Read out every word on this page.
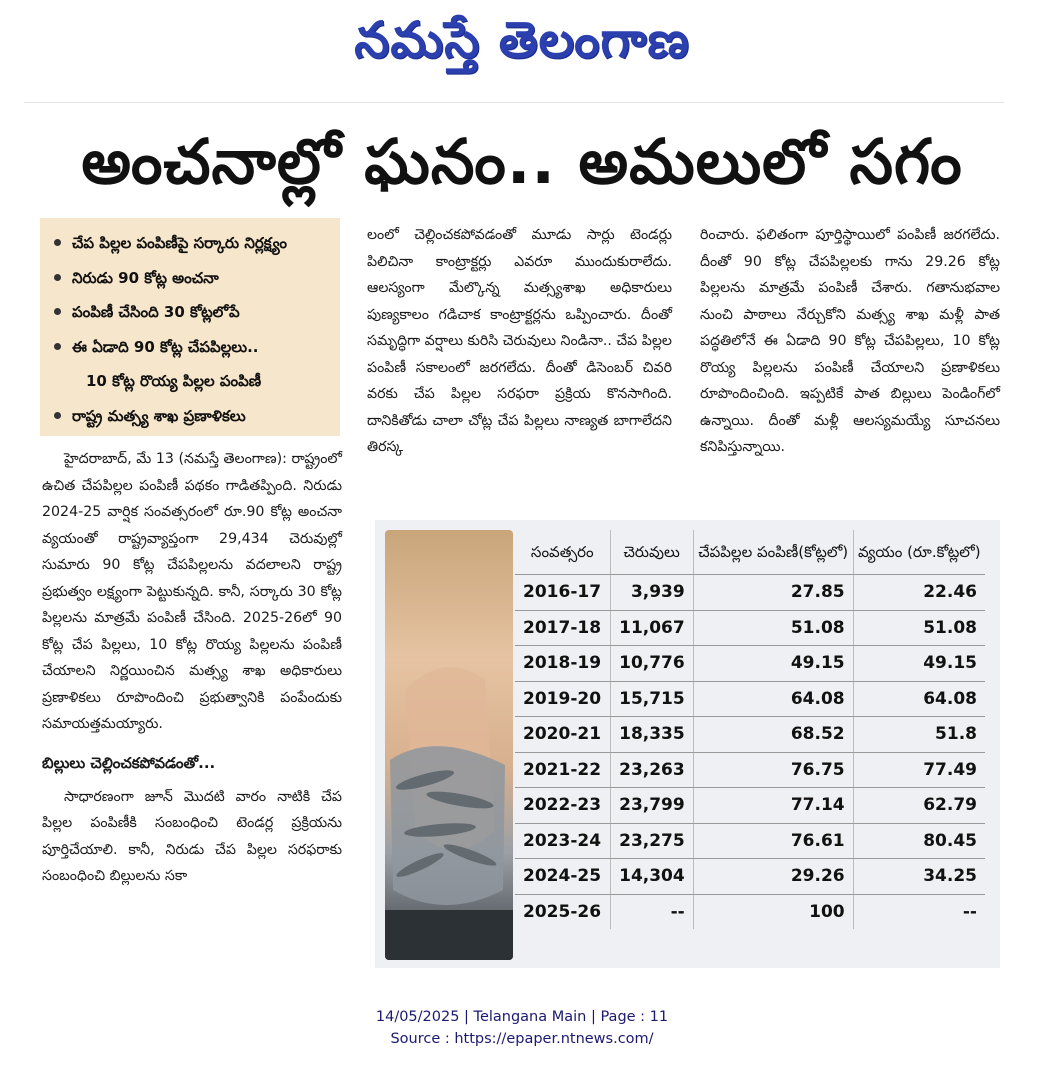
నమస్తే తెలంగాణ
అంచనాల్లో ఘనం.. అమలులో సగం
చేప పిల్లల పంపిణీపై సర్కారు నిర్లక్ష్యం
నిరుడు 90 కోట్ల అంచనా
పంపిణీ చేసింది 30 కోట్లలోపే
ఈ ఏడాది 90 కోట్ల చేపపిల్లలు..
10 కోట్ల రొయ్య పిల్లల పంపిణీ
రాష్ట్ర మత్స్య శాఖ ప్రణాళికలు

హైదరాబాద్, మే 13 (నమస్తే తెలంగాణ): రాష్ట్రంలో ఉచిత చేపపిల్లల పంపిణీ పథకం గాడితప్పింది. నిరుడు 2024-25 వార్షిక సంవత్సరంలో రూ.90 కోట్ల అంచనా వ్యయంతో రాష్ట్రవ్యాప్తంగా 29,434 చెరువుల్లో సుమారు 90 కోట్ల చేపపిల్లలను వదలాలని రాష్ట్ర ప్రభుత్వం లక్ష్యంగా పెట్టుకున్నది. కానీ, సర్కారు 30 కోట్ల పిల్లలను మాత్రమే పంపిణీ చేసింది. 2025-26లో 90 కోట్ల చేప పిల్లలు, 10 కోట్ల రొయ్య పిల్లలను పంపిణీ చేయాలని నిర్ణయించిన మత్స్య శాఖ అధికారులు ప్రణాళికలు రూపొందించి ప్రభుత్వానికి పంపేందుకు సమాయత్తమయ్యారు.

బిల్లులు చెల్లించకపోవడంతో...

సాధారణంగా జూన్ మొదటి వారం నాటికి చేప పిల్లల పంపిణీకి సంబంధించి టెండర్ల ప్రక్రియను పూర్తిచేయాలి. కానీ, నిరుడు చేప పిల్లల సరఫరాకు సంబంధించి బిల్లులను సకా

లంలో చెల్లించకపోవడంతో మూడు సార్లు టెండర్లు పిలిచినా కాంట్రాక్టర్లు ఎవరూ ముందుకురాలేదు. ఆలస్యంగా మేల్కొన్న మత్స్యశాఖ అధికారులు పుణ్యకాలం గడిచాక కాంట్రాక్టర్లను ఒప్పించారు. దీంతో సమృద్ధిగా వర్షాలు కురిసి చెరువులు నిండినా.. చేప పిల్లల పంపిణీ సకాలంలో జరగలేదు. దీంతో డిసెంబర్ చివరి వరకు చేప పిల్లల సరఫరా ప్రక్రియ కొనసాగింది. దానికితోడు చాలా చోట్ల చేప పిల్లలు నాణ్యత బాగాలేదని తిరస్క

రించారు. ఫలితంగా పూర్తిస్థాయిలో పంపిణీ జరగలేదు. దీంతో 90 కోట్ల చేపపిల్లలకు గాను 29.26 కోట్ల పిల్లలను మాత్రమే పంపిణీ చేశారు. గతానుభవాల నుంచి పాఠాలు నేర్చుకోని మత్స్య శాఖ మళ్లీ పాత పద్ధతిలోనే ఈ ఏడాది 90 కోట్ల చేపపిల్లలు, 10 కోట్ల రొయ్య పిల్లలను పంపిణీ చేయాలని ప్రణాళికలు రూపొందించింది. ఇప్పటికే పాత బిల్లులు పెండింగ్‌లో ఉన్నాయి. దీంతో మళ్లీ ఆలస్యమయ్యే సూచనలు కనిపిస్తున్నాయి.

సంవత్సరం	చెరువులు	చేపపిల్లల పంపిణీ(కోట్లలో)	వ్యయం (రూ.కోట్లలో)
2016-17	3,939	27.85	22.46
2017-18	11,067	51.08	51.08
2018-19	10,776	49.15	49.15
2019-20	15,715	64.08	64.08
2020-21	18,335	68.52	51.8
2021-22	23,263	76.75	77.49
2022-23	23,799	77.14	62.79
2023-24	23,275	76.61	80.45
2024-25	14,304	29.26	34.25
2025-26	--	100	--
14/05/2025 | Telangana Main | Page : 11
Source : https://epaper.ntnews.com/
